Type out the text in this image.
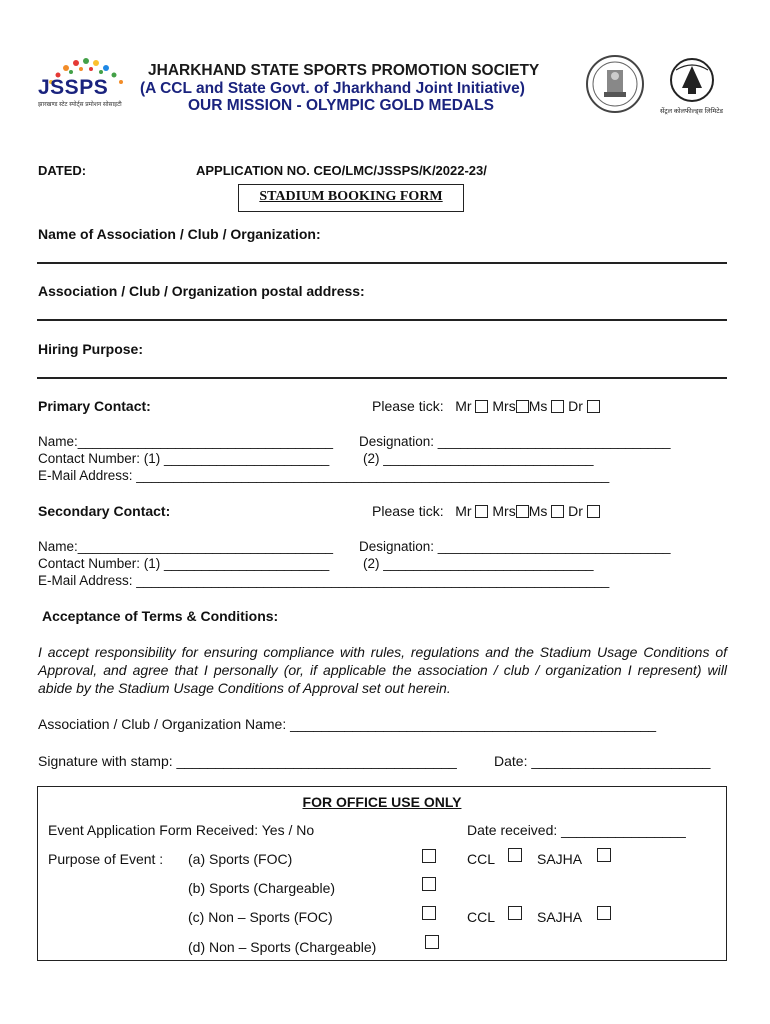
JSSPS
झारखण्ड स्टेट स्पोर्ट्स प्रमोशन सोसाइटी
JHARKHAND STATE SPORTS PROMOTION SOCIETY
(A CCL and State Govt. of Jharkhand Joint Initiative)
OUR MISSION - OLYMPIC GOLD MEDALS	सेंट्रल कोलफील्ड्स लिमिटेड
DATED:	APPLICATION NO. CEO/LMC/JSSPS/K/2022-23/
STADIUM BOOKING FORM
Name of Association / Club / Organization:
Association / Club / Organization postal address:
Hiring Purpose:
Primary Contact:	Please tick: Mr Mrs Ms Dr
Name:__________________________________ Designation: _______________________________
Contact Number: (1) ______________________	(2) ____________________________
E-Mail Address: _______________________________________________________________
Secondary Contact:	Please tick: Mr Mrs Ms Dr
Name:__________________________________ Designation: _______________________________
Contact Number: (1) ______________________	(2) ____________________________
E-Mail Address: _______________________________________________________________
Acceptance of Terms & Conditions:
I accept responsibility for ensuring compliance with rules, regulations and the Stadium Usage Conditions of Approval, and agree that I personally (or, if applicable the association / club / organization I represent) will abide by the Stadium Usage Conditions of Approval set out herein.
Association / Club / Organization Name: _______________________________________________
Signature with stamp: ____________________________________	Date: _______________________
FOR OFFICE USE ONLY
Event Application Form Received: Yes / No	Date received: ________________
Purpose of Event : (a) Sports (FOC)	CCL	SAJHA
(b) Sports (Chargeable)
(c) Non – Sports (FOC)	CCL	SAJHA
(d) Non – Sports (Chargeable)
